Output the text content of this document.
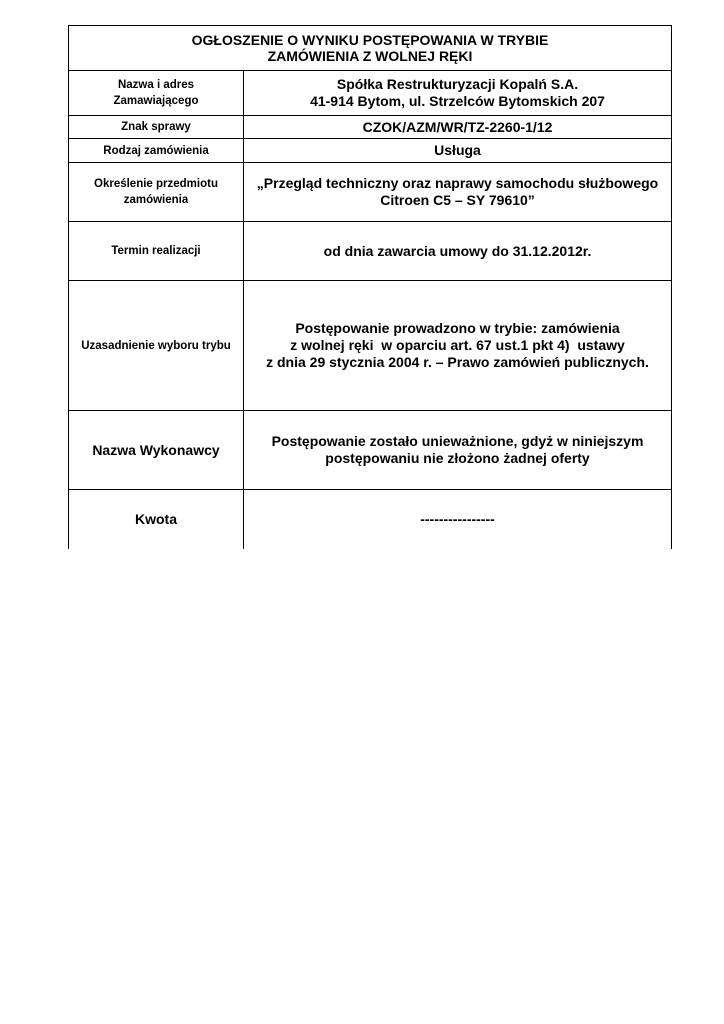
OGŁOSZENIE O WYNIKU POSTĘPOWANIA W TRYBIE
ZAMÓWIENIA Z WOLNEJ RĘKI	

Nazwa i adres
Zamawiającego	Spółka Restrukturyzacji Kopalń S.A.
41-914 Bytom, ul. Strzelców Bytomskich 207

Znak sprawy	CZOK/AZM/WR/TZ-2260-1/12
Rodzaj zamówienia	Usługa

Określenie przedmiotu
zamówienia	„Przegląd techniczny oraz naprawy samochodu służbowego
Citroen C5 – SY 79610”

Termin realizacji	od dnia zawarcia umowy do 31.12.2012r.
Uzasadnienie wyboru trybu	Postępowanie prowadzono w trybie: zamówienia
z wolnej ręki  w oparciu art. 67 ust.1 pkt 4)  ustawy
z dnia 29 stycznia 2004 r. – Prawo zamówień publicznych.

Nazwa Wykonawcy	Postępowanie zostało unieważnione, gdyż w niniejszym
postępowaniu nie złożono żadnej oferty

Kwota	----------------
